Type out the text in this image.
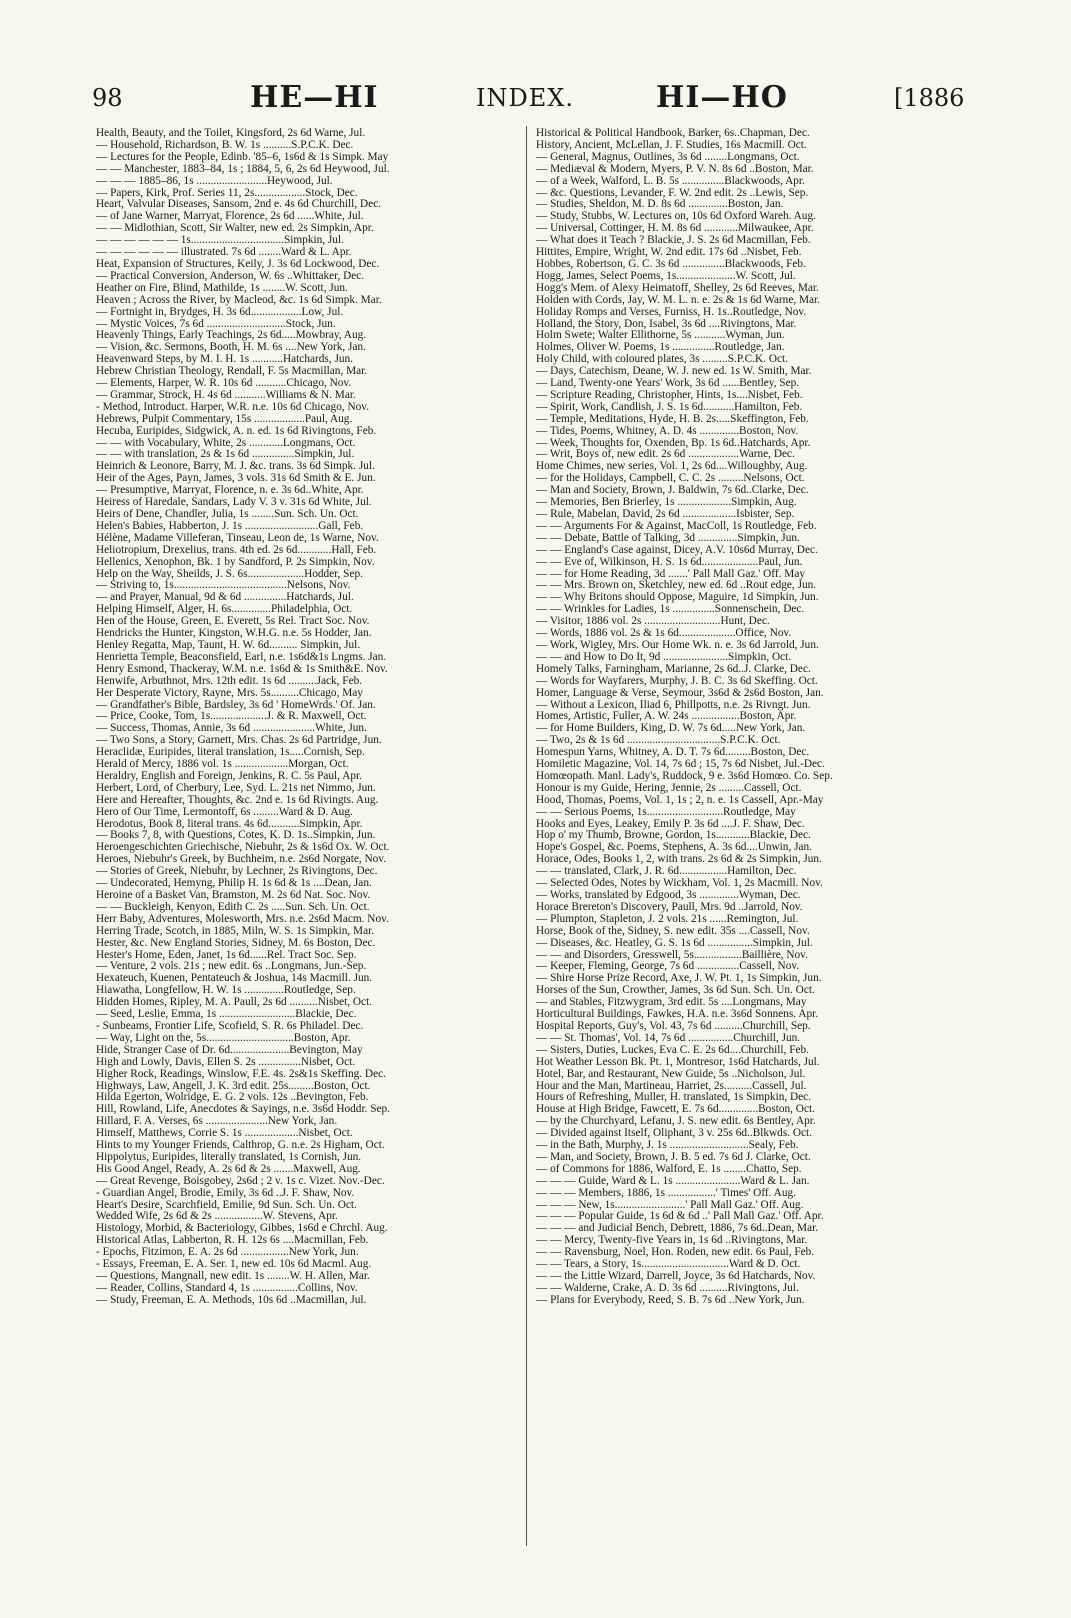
98	HE—HI	INDEX.	HI—HO	[1886
Health, Beauty, and the Toilet, Kingsford, 2s 6d Warne, Jul.
— Household, Richardson, B. W. 1s ..........S.P.C.K. Dec.
— Lectures for the People, Edinb. '85–6, 1s6d & 1s Simpk. May
— — Manchester, 1883–84, 1s ; 1884, 5, 6, 2s 6d Heywood, Jul.
— — — 1885–86, 1s .........................Heywood, Jul.
— Papers, Kirk, Prof. Series 11, 2s..................Stock, Dec.
Heart, Valvular Diseases, Sansom, 2nd e. 4s 6d Churchill, Dec.
— of Jane Warner, Marryat, Florence, 2s 6d ......White, Jul.
— — Midlothian, Scott, Sir Walter, new ed. 2s Simpkin, Apr.
— — — — — — 1s.................................Simpkin, Jul.
— — — — — — illustrated. 7s 6d ........Ward & L. Apr.
Heat, Expansion of Structures, Keily, J. 3s 6d Lockwood, Dec.
— Practical Conversion, Anderson, W. 6s ..Whittaker, Dec.
Heather on Fire, Blind, Mathilde, 1s ........W. Scott, Jun.
Heaven ; Across the River, by Macleod, &c. 1s 6d Simpk. Mar.
— Fortnight in, Brydges, H. 3s 6d..................Low, Jul.
— Mystic Voices, 7s 6d ............................Stock, Jun.
Heavenly Things, Early Teachings, 2s 6d.....Mowbray, Aug.
— Vision, &c. Sermons, Booth, H. M. 6s ....New York, Jan.
Heavenward Steps, by M. I. H. 1s ...........Hatchards, Jun.
Hebrew Christian Theology, Rendall, F. 5s Macmillan, Mar.
— Elements, Harper, W. R. 10s 6d ...........Chicago, Nov.
— Grammar, Strock, H. 4s 6d ...........Williams & N. Mar.
- Method, Introduct. Harper, W.R. n.e. 10s 6d Chicago, Nov.
Hebrews, Pulpit Commentary, 15s ..................Paul, Aug.
Hecuba, Euripides, Sidgwick, A. n. ed. 1s 6d Rivingtons, Feb.
— — with Vocabulary, White, 2s ............Longmans, Oct.
— — with translation, 2s & 1s 6d ...............Simpkin, Jul.
Heinrich & Leonore, Barry, M. J. &c. trans. 3s 6d Simpk. Jul.
Heir of the Ages, Payn, James, 3 vols. 31s 6d Smith & E. Jun.
— Presumptive, Marryat, Florence, n. e. 3s 6d..White, Apr.
Heiress of Haredale, Sandars, Lady V. 3 v. 31s 6d White, Jul.
Heirs of Dene, Chandler, Julia, 1s ........Sun. Sch. Un. Oct.
Helen's Babies, Habberton, J. 1s ..........................Gall, Feb.
Hélène, Madame Villeferan, Tinseau, Leon de, 1s Warne, Nov.
Heliotropium, Drexelius, trans. 4th ed. 2s 6d............Hall, Feb.
Hellenics, Xenophon, Bk. 1 by Sandford, P. 2s Simpkin, Nov.
Help on the Way, Sheilds, J. S. 6s....................Hodder, Sep.
— Striving to, 1s........................................Nelsons, Nov.
— and Prayer, Manual, 9d & 6d ...............Hatchards, Jul.
Helping Himself, Alger, H. 6s..............Philadelphia, Oct.
Hen of the House, Green, E. Everett, 5s Rel. Tract Soc. Nov.
Hendricks the Hunter, Kingston, W.H.G. n.e. 5s Hodder, Jan.
Henley Regatta, Map, Taunt, H. W. 6d.......... Simpkin, Jul.
Henrietta Temple, Beaconsfield, Earl, n.e. 1s6d&1s Lngms. Jan.
Henry Esmond, Thackeray, W.M. n.e. 1s6d & 1s Smith&E. Nov.
Henwife, Arbuthnot, Mrs. 12th edit. 1s 6d ..........Jack, Feb.
Her Desperate Victory, Rayne, Mrs. 5s..........Chicago, May
— Grandfather's Bible, Bardsley, 3s 6d ' HomeWrds.' Of. Jan.
— Price, Cooke, Tom, 1s....................J. & R. Maxwell, Oct.
— Success, Thomas, Annie, 3s 6d ......................White, Jun.
— Two Sons, a Story, Garnett, Mrs. Chas. 2s 6d Partridge, Jun.
Heraclidæ, Euripides, literal translation, 1s.....Cornish, Sep.
Herald of Mercy, 1886 vol. 1s ...................Morgan, Oct.
Heraldry, English and Foreign, Jenkins, R. C. 5s Paul, Apr.
Herbert, Lord, of Cherbury, Lee, Syd. L. 21s net Nimmo, Jun.
Here and Hereafter, Thoughts, &c. 2nd e. 1s 6d Rivingts. Aug.
Hero of Our Time, Lermontoff, 6s .........Ward & D. Aug.
Herodotus, Book 8, literal trans. 4s 6d...........Simpkin, Apr.
— Books 7, 8, with Questions, Cotes, K. D. 1s..Simpkin, Jun.
Heroengeschichten Griechische, Niebuhr, 2s & 1s6d Ox. W. Oct.
Heroes, Niebuhr's Greek, by Buchheim, n.e. 2s6d Norgate, Nov.
— Stories of Greek, Niebuhr, by Lechner, 2s Rivingtons, Dec.
— Undecorated, Hemyng, Philip H. 1s 6d & 1s ....Dean, Jan.
Heroine of a Basket Van, Bramston, M. 2s 6d Nat. Soc. Nov.
— — Buckleigh, Kenyon, Edith C. 2s .....Sun. Sch. Un. Oct.
Herr Baby, Adventures, Molesworth, Mrs. n.e. 2s6d Macm. Nov.
Herring Trade, Scotch, in 1885, Miln, W. S. 1s Simpkin, Mar.
Hester, &c. New England Stories, Sidney, M. 6s Boston, Dec.
Hester's Home, Eden, Janet, 1s 6d......Rel. Tract Soc. Sep.
— Venture, 2 vols. 21s ; new edit. 6s ..Longmans, Jun.-Sep.
Hexateuch, Kuenen, Pentateuch & Joshua, 14s Macmill. Jun.
Hiawatha, Longfellow, H. W. 1s ..............Routledge, Sep.
Hidden Homes, Ripley, M. A. Paull, 2s 6d ..........Nisbet, Oct.
— Seed, Leslie, Emma, 1s ...........................Blackie, Dec.
- Sunbeams, Frontier Life, Scofield, S. R. 6s Philadel. Dec.
— Way, Light on the, 5s...............................Boston, Apr.
Hide, Stranger Case of Dr. 6d.....................Bevington, May
High and Lowly, Davis, Ellen S. 2s ...............Nisbet, Oct.
Higher Rock, Readings, Winslow, F.E. 4s. 2s&1s Skeffing. Dec.
Highways, Law, Angell, J. K. 3rd edit. 25s.........Boston, Oct.
Hilda Egerton, Wolridge, E. G. 2 vols. 12s ..Bevington, Feb.
Hill, Rowland, Life, Anecdotes & Sayings, n.e. 3s6d Hoddr. Sep.
Hillard, F. A. Verses, 6s ......................New York, Jan.
Himself, Matthews, Corrie S. 1s ...................Nisbet, Oct.
Hints to my Younger Friends, Calthrop, G. n.e. 2s Higham, Oct.
Hippolytus, Euripides, literally translated, 1s Cornish, Jun.
His Good Angel, Ready, A. 2s 6d & 2s .......Maxwell, Aug.
— Great Revenge, Boisgobey, 2s6d ; 2 v. 1s c. Vizet. Nov.-Dec.
- Guardian Angel, Brodie, Emily, 3s 6d ..J. F. Shaw, Nov.
Heart's Desire, Scarchfield, Emilie, 9d Sun. Sch. Un. Oct.
Wedded Wife, 2s 6d & 2s .................W. Stevens, Apr.
Histology, Morbid, & Bacteriology, Gibbes, 1s6d e Chrchl. Aug.
Historical Atlas, Labberton, R. H. 12s 6s ....Macmillan, Feb.
- Epochs, Fitzimon, E. A. 2s 6d .................New York, Jun.
- Essays, Freeman, E. A. Ser. 1, new ed. 10s 6d Macml. Aug.
— Questions, Mangnall, new edit. 1s ........W. H. Allen, Mar.
— Reader, Collins, Standard 4, 1s ................Collins, Nov.
— Study, Freeman, E. A. Methods, 10s 6d ..Macmillan, Jul.
Historical & Political Handbook, Barker, 6s..Chapman, Dec.
History, Ancient, McLellan, J. F. Studies, 16s Macmill. Oct.
— General, Magnus, Outlines, 3s 6d ........Longmans, Oct.
— Mediæval & Modern, Myers, P. V. N. 8s 6d ..Boston, Mar.
— of a Week, Walford, L. B. 5s ...............Blackwoods, Apr.
— &c. Questions, Levander, F. W. 2nd edit. 2s ..Lewis, Sep.
— Studies, Sheldon, M. D. 8s 6d ..............Boston, Jan.
— Study, Stubbs, W. Lectures on, 10s 6d Oxford Wareh. Aug.
— Universal, Cottinger, H. M. 8s 6d ............Milwaukee, Apr.
— What does it Teach ? Blackie, J. S. 2s 6d Macmillan, Feb.
Hittites, Empire, Wright, W. 2nd edit. 17s 6d ..Nisbet, Feb.
Hobbes, Robertson, G. C. 3s 6d ...............Blackwoods, Feb.
Hogg, James, Select Poems, 1s.....................W. Scott, Jul.
Hogg's Mem. of Alexy Heimatoff, Shelley, 2s 6d Reeves, Mar.
Holden with Cords, Jay, W. M. L. n. e. 2s & 1s 6d Warne, Mar.
Holiday Romps and Verses, Furniss, H. 1s..Routledge, Nov.
Holland, the Story, Don, Isabel, 3s 6d ....Rivingtons, Mar.
Holm Swete; Walter Ellithorne, 5s ...........Wyman, Jun.
Holmes, Oliver W. Poems, 1s ...............Routledge, Jan.
Holy Child, with coloured plates, 3s .........S.P.C.K. Oct.
— Days, Catechism, Deane, W. J. new ed. 1s W. Smith, Mar.
— Land, Twenty-one Years' Work, 3s 6d ......Bentley, Sep.
— Scripture Reading, Christopher, Hints, 1s....Nisbet, Feb.
— Spirit, Work, Candlish, J. S. 1s 6d...........Hamilton, Feb.
— Temple, Meditations, Hyde, H. B. 2s.....Skeffington, Feb.
— Tides, Poems, Whitney, A. D. 4s ..............Boston, Nov.
— Week, Thoughts for, Oxenden, Bp. 1s 6d..Hatchards, Apr.
— Writ, Boys of, new edit. 2s 6d ..................Warne, Dec.
Home Chimes, new series, Vol. 1, 2s 6d....Willoughby, Aug.
— for the Holidays, Campbell, C. C. 2s .........Nelsons, Oct.
— Man and Society, Brown, J. Baldwin, 7s 6d..Clarke, Dec.
— Memories, Ben Brierley, 1s ...................Simpkin, Aug.
— Rule, Mabelan, David, 2s 6d ...................Isbister, Sep.
— — Arguments For & Against, MacColl, 1s Routledge, Feb.
— — Debate, Battle of Talking, 3d ..............Simpkin, Jun.
— — England's Case against, Dicey, A.V. 10s6d Murray, Dec.
— — Eve of, Wilkinson, H. S. 1s 6d....................Paul, Jun.
— — for Home Reading, 3d .......' Pall Mall Gaz.' Off. May
— — Mrs. Brown on, Sketchley, new ed. 6d ..Rout edge, Jun.
— — Why Britons should Oppose, Maguire, 1d Simpkin, Jun.
— — Wrinkles for Ladies, 1s ...............Sonnenschein, Dec.
— Visitor, 1886 vol. 2s ...........................Hunt, Dec.
— Words, 1886 vol. 2s & 1s 6d....................Office, Nov.
— Work, Wigley, Mrs. Our Home Wk. n. e. 3s 6d Jarrold, Jun.
— — and How to Do It, 9d .......................Simpkin, Oct.
Homely Talks, Farningham, Marianne, 2s 6d..J. Clarke, Dec.
— Words for Wayfarers, Murphy, J. B. C. 3s 6d Skeffing. Oct.
Homer, Language & Verse, Seymour, 3s6d & 2s6d Boston, Jan.
— Without a Lexicon, Iliad 6, Phillpotts, n.e. 2s Rivngt. Jun.
Homes, Artistic, Fuller, A. W. 24s .................Boston, Apr.
— for Home Builders, King, D. W. 7s 6d.....New York, Jan.
— Two, 2s & 1s 6d .................................S.P.C.K. Oct.
Homespun Yarns, Whitney, A. D. T. 7s 6d.........Boston, Dec.
Homiletic Magazine, Vol. 14, 7s 6d ; 15, 7s 6d Nisbet, Jul.-Dec.
Homœopath. Manl. Lady's, Ruddock, 9 e. 3s6d Homœo. Co. Sep.
Honour is my Guide, Hering, Jennie, 2s .........Cassell, Oct.
Hood, Thomas, Poems, Vol. 1, 1s ; 2, n. e. 1s Cassell, Apr.-May
— — Serious Poems, 1s...........................Routledge, May
Hooks and Eyes, Leakey, Emily P. 3s 6d ....J. F. Shaw, Dec.
Hop o' my Thumb, Browne, Gordon, 1s............Blackie, Dec.
Hope's Gospel, &c. Poems, Stephens, A. 3s 6d....Unwin, Jan.
Horace, Odes, Books 1, 2, with trans. 2s 6d & 2s Simpkin, Jun.
— — translated, Clark, J. R. 6d.................Hamilton, Dec.
— Selected Odes, Notes by Wickham, Vol. 1, 2s Macmill. Nov.
— Works, translated by Edgood, 3s ..............Wyman, Dec.
Horace Brereton's Discovery, Paull, Mrs. 9d ..Jarrold, Nov.
— Plumpton, Stapleton, J. 2 vols. 21s ......Remington, Jul.
Horse, Book of the, Sidney, S. new edit. 35s ....Cassell, Nov.
— Diseases, &c. Heatley, G. S. 1s 6d ................Simpkin, Jul.
— — and Disorders, Gresswell, 5s.................Baillière, Nov.
— Keeper, Fleming, George, 7s 6d ...............Cassell, Nov.
— Shire Horse Prize Record, Axe, J. W. Pt. 1, 1s Simpkin, Jun.
Horses of the Sun, Crowther, James, 3s 6d Sun. Sch. Un. Oct.
— and Stables, Fitzwygram, 3rd edit. 5s ....Longmans, May
Horticultural Buildings, Fawkes, H.A. n.e. 3s6d Sonnens. Apr.
Hospital Reports, Guy's, Vol. 43, 7s 6d ..........Churchill, Sep.
— — St. Thomas', Vol. 14, 7s 6d ................Churchill, Jun.
— Sisters, Duties, Luckes, Eva C. E. 2s 6d....Churchill, Feb.
Hot Weather Lesson Bk. Pt. 1, Montresor, 1s6d Hatchards, Jul.
Hotel, Bar, and Restaurant, New Guide, 5s ..Nicholson, Jul.
Hour and the Man, Martineau, Harriet, 2s..........Cassell, Jul.
Hours of Refreshing, Muller, H. translated, 1s Simpkin, Dec.
House at High Bridge, Fawcett, E. 7s 6d..............Boston, Oct.
— by the Churchyard, Lefanu, J. S. new edit. 6s Bentley, Apr.
— Divided against Itself, Oliphant, 3 v. 25s 6d..Blkwds. Oct.
— in the Bath, Murphy, J. 1s ............................Sealy, Feb.
— Man, and Society, Brown, J. B. 5 ed. 7s 6d J. Clarke, Oct.
— of Commons for 1886, Walford, E. 1s ........Chatto, Sep.
— — — Guide, Ward & L. 1s .......................Ward & L. Jan.
— — — Members, 1886, 1s .................' Times' Off. Aug.
— — — New, 1s.........................' Pall Mall Gaz.' Off. Aug.
— — — Popular Guide, 1s 6d & 6d ..' Pall Mall Gaz.' Off. Apr.
— — — and Judicial Bench, Debrett, 1886, 7s 6d..Dean, Mar.
— — Mercy, Twenty-five Years in, 1s 6d ..Rivingtons, Mar.
— — Ravensburg, Noel, Hon. Roden, new edit. 6s Paul, Feb.
— — Tears, a Story, 1s...............................Ward & D. Oct.
— — the Little Wizard, Darrell, Joyce, 3s 6d Hatchards, Nov.
— — Walderne, Crake, A. D. 3s 6d ..........Rivingtons, Jul.
— Plans for Everybody, Reed, S. B. 7s 6d ..New York, Jun.
